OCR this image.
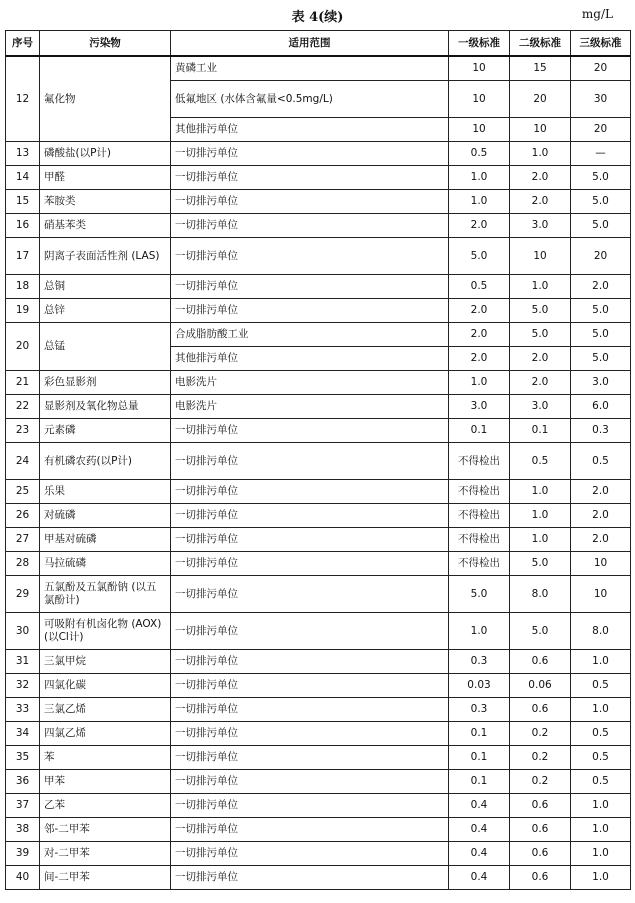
表 4(续)	mg/L
序号	污染物	适用范围	一级标准	二级标准	三级标准
12	氟化物	黄磷工业	10	15	20
		低氟地区 (水体含氟量<0.5mg/L)	10	20	30
		其他排污单位	10	10	20
13	磷酸盐(以P计)	一切排污单位	0.5	1.0	—
14	甲醛	一切排污单位	1.0	2.0	5.0
15	苯胺类	一切排污单位	1.0	2.0	5.0
16	硝基苯类	一切排污单位	2.0	3.0	5.0
17	阴离子表面活性剂 (LAS)	一切排污单位	5.0	10	20
18	总铜	一切排污单位	0.5	1.0	2.0
19	总锌	一切排污单位	2.0	5.0	5.0
20	总锰	合成脂肪酸工业	2.0	5.0	5.0
		其他排污单位	2.0	2.0	5.0
21	彩色显影剂	电影洗片	1.0	2.0	3.0
22	显影剂及氧化物总量	电影洗片	3.0	3.0	6.0
23	元素磷	一切排污单位	0.1	0.1	0.3
24	有机磷农药(以P计)	一切排污单位	不得检出	0.5	0.5
25	乐果	一切排污单位	不得检出	1.0	2.0
26	对硫磷	一切排污单位	不得检出	1.0	2.0
27	甲基对硫磷	一切排污单位	不得检出	1.0	2.0
28	马拉硫磷	一切排污单位	不得检出	5.0	10
29	五氯酚及五氯酚钠 (以五氯酚计)	一切排污单位	5.0	8.0	10
30	可吸附有机卤化物 (AOX)(以Cl计)	一切排污单位	1.0	5.0	8.0
31	三氯甲烷	一切排污单位	0.3	0.6	1.0
32	四氯化碳	一切排污单位	0.03	0.06	0.5
33	三氯乙烯	一切排污单位	0.3	0.6	1.0
34	四氯乙烯	一切排污单位	0.1	0.2	0.5
35	苯	一切排污单位	0.1	0.2	0.5
36	甲苯	一切排污单位	0.1	0.2	0.5
37	乙苯	一切排污单位	0.4	0.6	1.0
38	邻-二甲苯	一切排污单位	0.4	0.6	1.0
39	对-二甲苯	一切排污单位	0.4	0.6	1.0
40	间-二甲苯	一切排污单位	0.4	0.6	1.0
